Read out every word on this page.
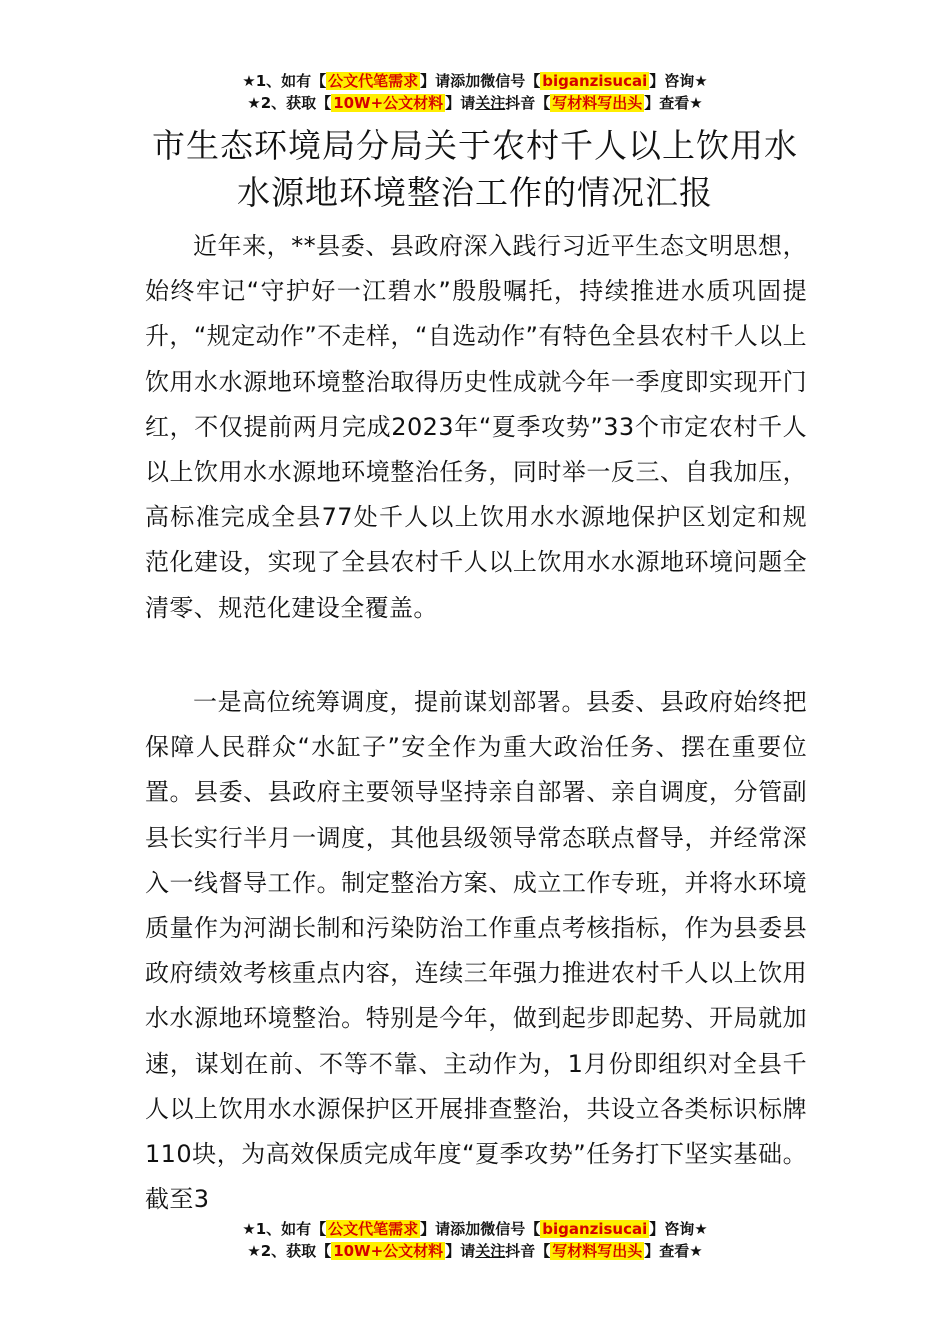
★1、如有【 公文代笔需求 】请添加微信号【 biganzisucai 】咨询★
★2、获取【 10W+公文材料 】请关注抖音【 写材料写出头 】查看★
市生态环境局分局关于农村千人以上饮用水
水源地环境整治工作的情况汇报

近年来，**县委、县政府深入践行习近平生态文明思想，始终牢记“守护好一江碧水”殷殷嘱托，持续推进水质巩固提升，“规定动作”不走样，“自选动作”有特色全县农村千人以上饮用水水源地环境整治取得历史性成就今年一季度即实现开门红，不仅提前两月完成2023年“夏季攻势”33个市定农村千人以上饮用水水源地环境整治任务，同时举一反三、自我加压，高标准完成全县77处千人以上饮用水水源地保护区划定和规范化建设，实现了全县农村千人以上饮用水水源地环境问题全清零、规范化建设全覆盖。

一是高位统筹调度，提前谋划部署。县委、县政府始终把保障人民群众“水缸子”安全作为重大政治任务、摆在重要位置。县委、县政府主要领导坚持亲自部署、亲自调度，分管副县长实行半月一调度，其他县级领导常态联点督导，并经常深入一线督导工作。制定整治方案、成立工作专班，并将水环境质量作为河湖长制和污染防治工作重点考核指标，作为县委县政府绩效考核重点内容，连续三年强力推进农村千人以上饮用水水源地环境整治。特别是今年，做到起步即起势、开局就加速，谋划在前、不等不靠、主动作为，1月份即组织对全县千人以上饮用水水源保护区开展排查整治，共设立各类标识标牌110块，为高效保质完成年度“夏季攻势”任务打下坚实基础。截至3

★1、如有【 公文代笔需求 】请添加微信号【 biganzisucai 】咨询★
★2、获取【 10W+公文材料 】请关注抖音【 写材料写出头 】查看★
